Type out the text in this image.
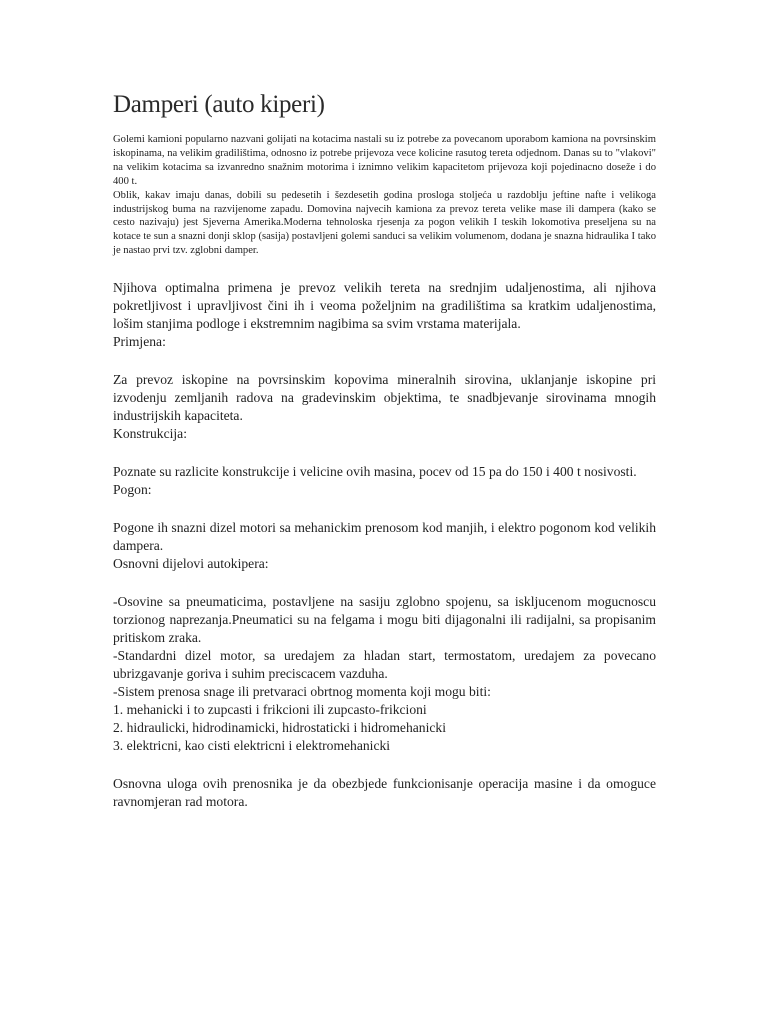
Damperi (auto kiperi)

Golemi kamioni popularno nazvani golijati na kotacima nastali su iz potrebe za povecanom uporabom kamiona na povrsinskim iskopinama, na velikim gradilištima, odnosno iz potrebe prijevoza vece kolicine rasutog tereta odjednom. Danas su to "vlakovi" na velikim kotacima sa izvanredno snažnim motorima i iznimno velikim kapacitetom prijevoza koji pojedinacno doseže i do 400 t.

Oblik, kakav imaju danas, dobili su pedesetih i šezdesetih godina prosloga stoljeća u razdoblju jeftine nafte i velikoga industrijskog buma na razvijenome zapadu. Domovina najvecih kamiona za prevoz tereta velike mase ili dampera (kako se cesto nazivaju) jest Sjeverna Amerika.Moderna tehnoloska rjesenja za pogon velikih I teskih lokomotiva preseljena su na kotace te sun a snazni donji sklop (sasija) postavljeni golemi sanduci sa velikim volumenom, dodana je snazna hidraulika I tako je nastao prvi tzv. zglobni damper.

Njihova optimalna primena je prevoz velikih tereta na srednjim udaljenostima, ali njihova pokretljivost i upravljivost čini ih i veoma poželjnim na gradilištima sa kratkim udaljenostima, lošim stanjima podloge i ekstremnim nagibima sa svim vrstama materijala.

Primjena:

Za prevoz iskopine na povrsinskim kopovima mineralnih sirovina, uklanjanje iskopine pri izvodenju zemljanih radova na gradevinskim objektima, te snadbjevanje sirovinama mnogih industrijskih kapaciteta.

Konstrukcija:

Poznate su razlicite konstrukcije i velicine ovih masina, pocev od 15 pa do 150 i 400 t nosivosti.

Pogon:

Pogone ih snazni dizel motori sa mehanickim prenosom kod manjih, i elektro pogonom kod velikih dampera.

Osnovni dijelovi autokipera:

-Osovine sa pneumaticima, postavljene na sasiju zglobno spojenu, sa iskljucenom mogucnoscu torzionog naprezanja.Pneumatici su na felgama i mogu biti dijagonalni ili radijalni, sa propisanim pritiskom zraka.

-Standardni dizel motor, sa uredajem za hladan start, termostatom, uredajem za povecano ubrizgavanje goriva i suhim preciscacem vazduha.

-Sistem prenosa snage ili pretvaraci obrtnog momenta koji mogu biti:

1. mehanicki i to zupcasti i frikcioni ili zupcasto-frikcioni

2. hidraulicki, hidrodinamicki, hidrostaticki i hidromehanicki

3. elektricni, kao cisti elektricni i elektromehanicki

Osnovna uloga ovih prenosnika je da obezbjede funkcionisanje operacija masine i da omoguce ravnomjeran rad motora.
